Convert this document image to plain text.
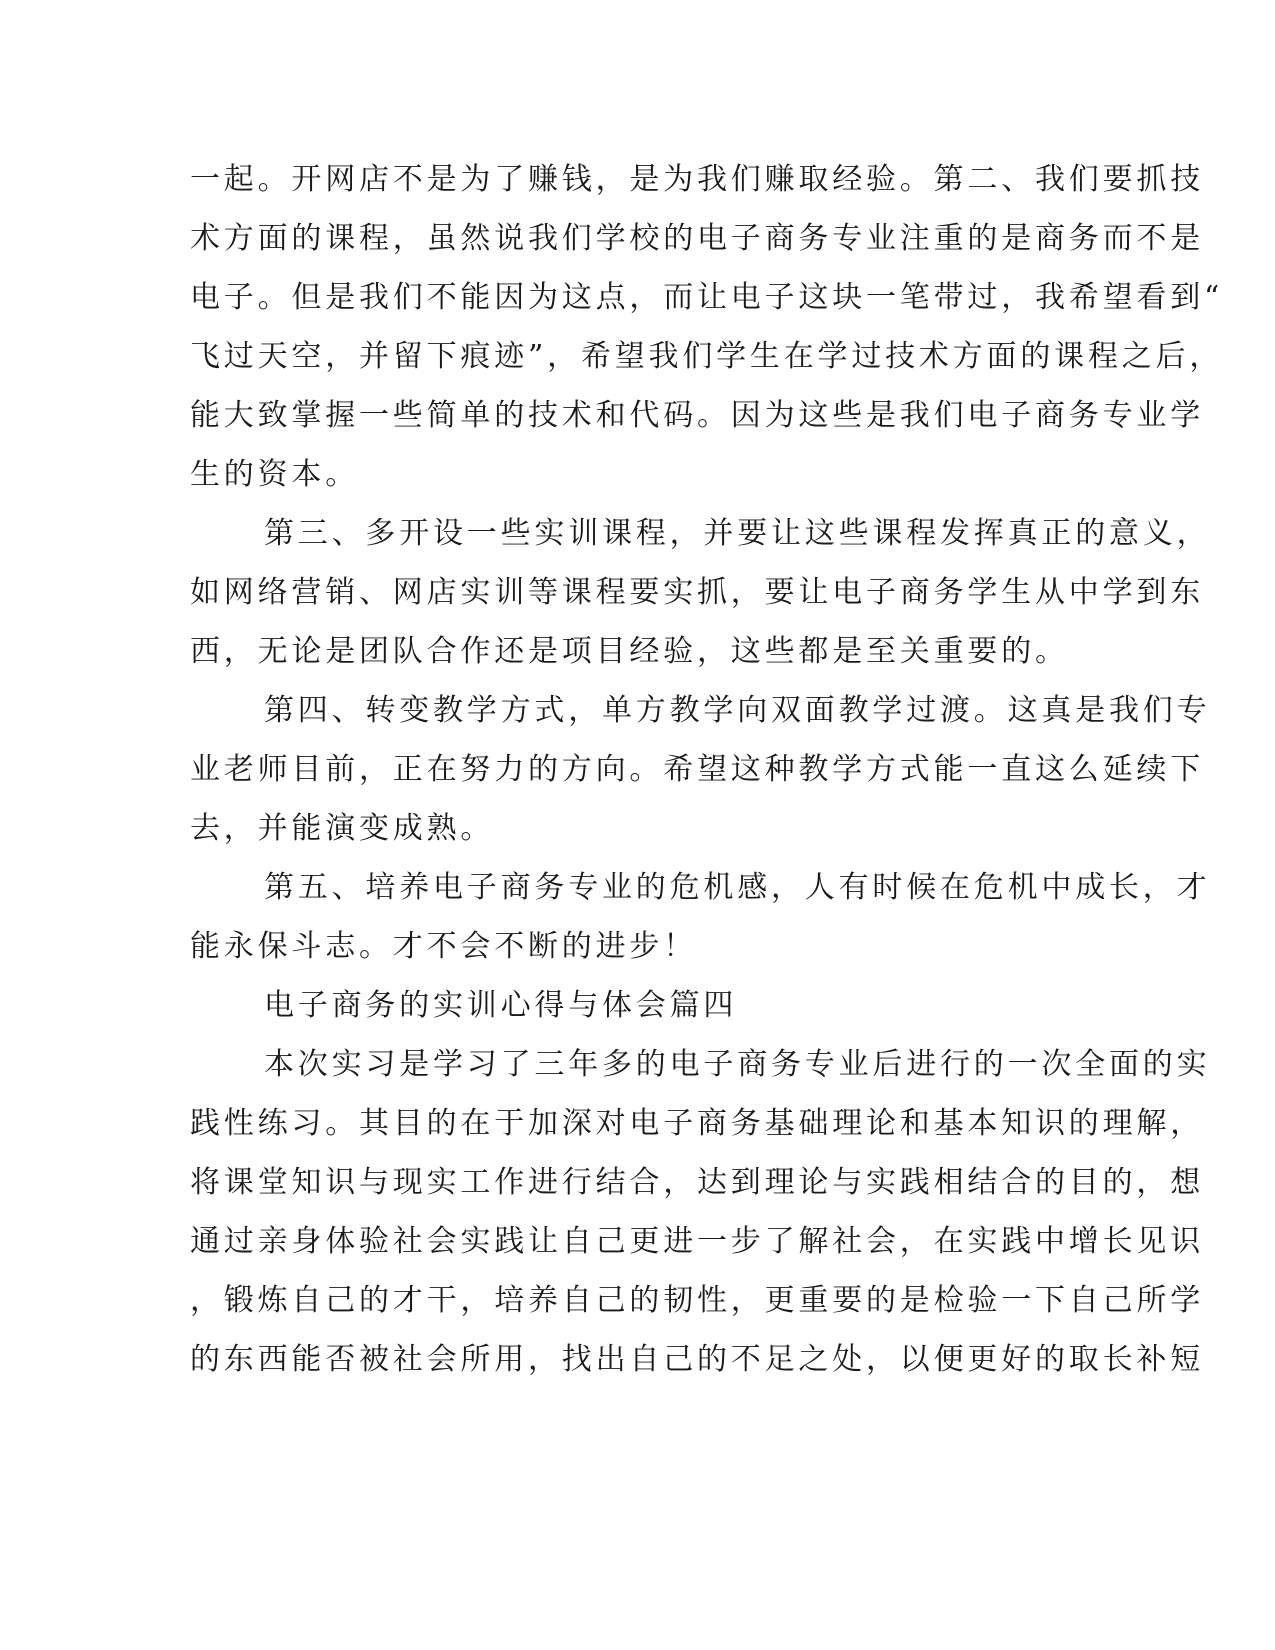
一起。开网店不是为了赚钱，是为我们赚取经验。第二、我们要抓技

术方面的课程，虽然说我们学校的电子商务专业注重的是商务而不是

电子。但是我们不能因为这点，而让电子这块一笔带过，我希望看到“

飞过天空，并留下痕迹”，希望我们学生在学过技术方面的课程之后，

能大致掌握一些简单的技术和代码。因为这些是我们电子商务专业学

生的资本。

第三、多开设一些实训课程，并要让这些课程发挥真正的意义，

如网络营销、网店实训等课程要实抓，要让电子商务学生从中学到东

西，无论是团队合作还是项目经验，这些都是至关重要的。

第四、转变教学方式，单方教学向双面教学过渡。这真是我们专

业老师目前，正在努力的方向。希望这种教学方式能一直这么延续下

去，并能演变成熟。

第五、培养电子商务专业的危机感，人有时候在危机中成长，才

能永保斗志。才不会不断的进步！

电子商务的实训心得与体会篇四

本次实习是学习了三年多的电子商务专业后进行的一次全面的实

践性练习。其目的在于加深对电子商务基础理论和基本知识的理解，

将课堂知识与现实工作进行结合，达到理论与实践相结合的目的，想

通过亲身体验社会实践让自己更进一步了解社会，在实践中增长见识

，锻炼自己的才干，培养自己的韧性，更重要的是检验一下自己所学

的东西能否被社会所用，找出自己的不足之处，以便更好的取长补短
